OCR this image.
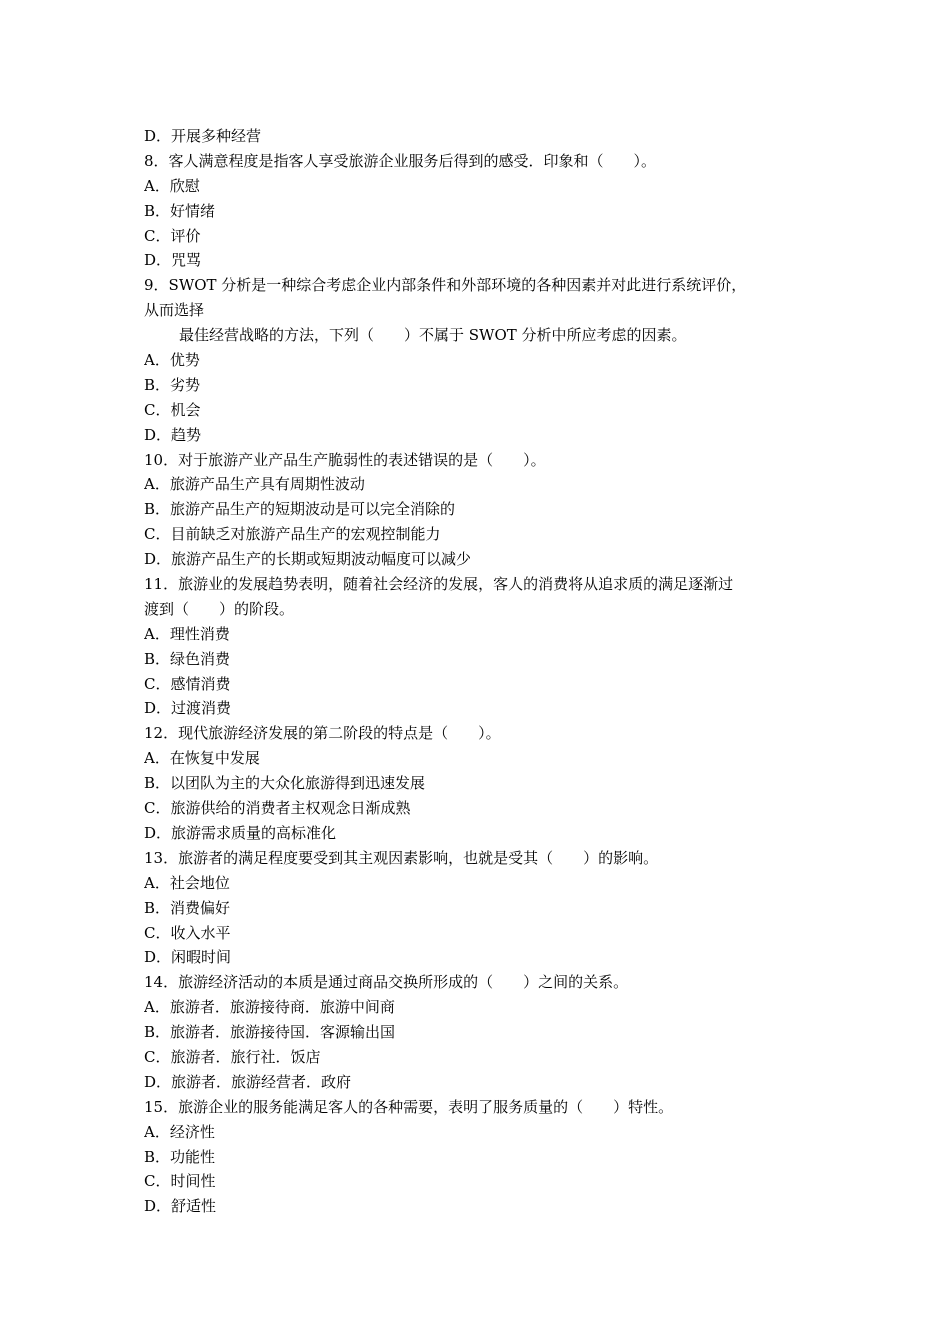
D．开展多种经营
8．客人满意程度是指客人享受旅游企业服务后得到的感受．印象和（　　）。
A．欣慰
B．好情绪
C．评价
D．咒骂
9．SWOT 分析是一种综合考虑企业内部条件和外部环境的各种因素并对此进行系统评价，
从而选择
最佳经营战略的方法，下列（　　）不属于 SWOT 分析中所应考虑的因素。
A．优势
B．劣势
C．机会
D．趋势
10．对于旅游产业产品生产脆弱性的表述错误的是（　　）。
A．旅游产品生产具有周期性波动
B．旅游产品生产的短期波动是可以完全消除的
C．目前缺乏对旅游产品生产的宏观控制能力
D．旅游产品生产的长期或短期波动幅度可以减少
11．旅游业的发展趋势表明，随着社会经济的发展，客人的消费将从追求质的满足逐渐过
渡到（　　）的阶段。
A．理性消费
B．绿色消费
C．感情消费
D．过渡消费
12．现代旅游经济发展的第二阶段的特点是（　　）。
A．在恢复中发展
B．以团队为主的大众化旅游得到迅速发展
C．旅游供给的消费者主权观念日渐成熟
D．旅游需求质量的高标准化
13．旅游者的满足程度要受到其主观因素影响，也就是受其（　　）的影响。
A．社会地位
B．消费偏好
C．收入水平
D．闲暇时间
14．旅游经济活动的本质是通过商品交换所形成的（　　）之间的关系。
A．旅游者．旅游接待商．旅游中间商
B．旅游者．旅游接待国．客源输出国
C．旅游者．旅行社．饭店
D．旅游者．旅游经营者．政府
15．旅游企业的服务能满足客人的各种需要，表明了服务质量的（　　）特性。
A．经济性
B．功能性
C．时间性
D．舒适性
